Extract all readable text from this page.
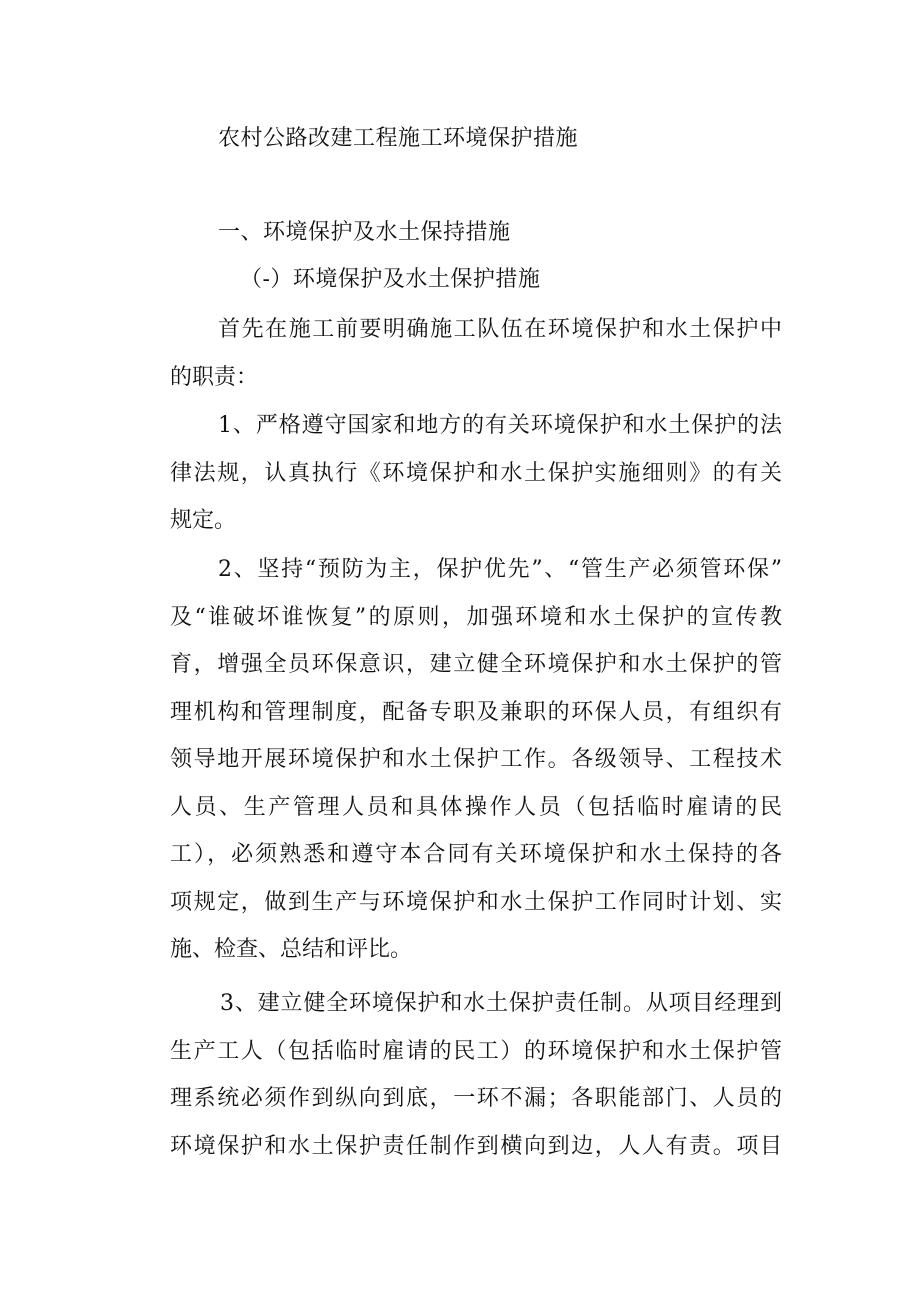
农村公路改建工程施工环境保护措施
一、环境保护及水土保持措施
（-）环境保护及水土保护措施
首先在施工前要明确施工队伍在环境保护和水土保护中
的职责：
1、严格遵守国家和地方的有关环境保护和水土保护的法
律法规，认真执行《环境保护和水土保护实施细则》的有关
规定。
2、坚持“预防为主，保护优先”、“管生产必须管环保”
及“谁破坏谁恢复”的原则，加强环境和水土保护的宣传教
育，增强全员环保意识，建立健全环境保护和水土保护的管
理机构和管理制度，配备专职及兼职的环保人员，有组织有
领导地开展环境保护和水土保护工作。各级领导、工程技术
人员、生产管理人员和具体操作人员（包括临时雇请的民
工），必须熟悉和遵守本合同有关环境保护和水土保持的各
项规定，做到生产与环境保护和水土保护工作同时计划、实
施、检查、总结和评比。
3、建立健全环境保护和水土保护责任制。从项目经理到
生产工人（包括临时雇请的民工）的环境保护和水土保护管
理系统必须作到纵向到底，一环不漏；各职能部门、人员的
环境保护和水土保护责任制作到横向到边，人人有责。项目
